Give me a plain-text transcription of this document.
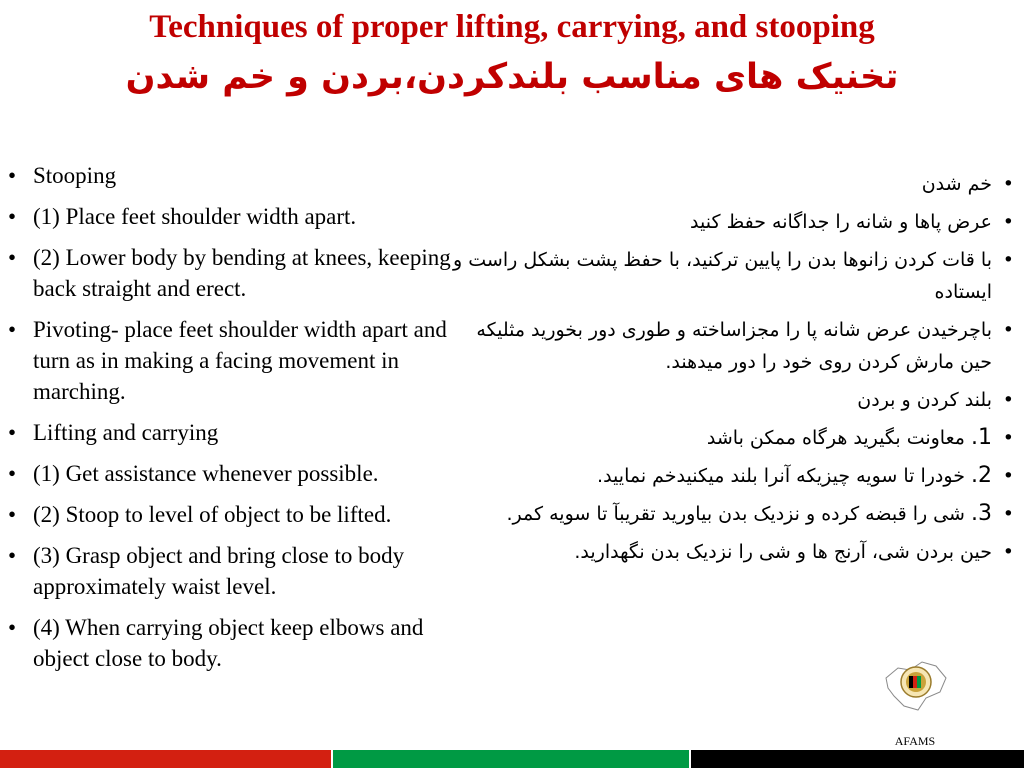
Techniques of proper lifting, carrying, and stooping
تخنیک های مناسب بلندکردن،بردن و خم شدن
• Stooping
• (1) Place feet shoulder width apart.
• (2) Lower body by bending at knees, keeping back straight and erect.
• Pivoting- place feet shoulder width apart and turn as in making a facing movement in marching.
• Lifting and carrying
• (1) Get assistance whenever possible.
• (2) Stoop to level of object to be lifted.
• (3) Grasp object and bring close to body approximately waist level.
• (4) When carrying object keep elbows and object close to body.
• خم شدن
• عرض پاها و شانه را جداگانه حفظ کنید
• با قات کردن زانوها بدن را پایین ترکنید، با حفظ پشت بشکل راست و ایستاده
• باچرخیدن عرض شانه پا را مجزاساخته و طوری دور بخورید مثلیکه حین مارش کردن روی خود را دور میدهند.
• بلند کردن و بردن
• 1. معاونت بگیرید هرگاه ممکن باشد
• 2. خودرا تا سویه چیزیکه آنرا بلند میکنیدخم نمایید.
• 3. شی را قبضه کرده و نزدیک بدن بیاورید تقریبآ تا سویه کمر.
• حین بردن شی، آرنج ها و شی را نزدیک بدن نگهدارید.
AFAMS
